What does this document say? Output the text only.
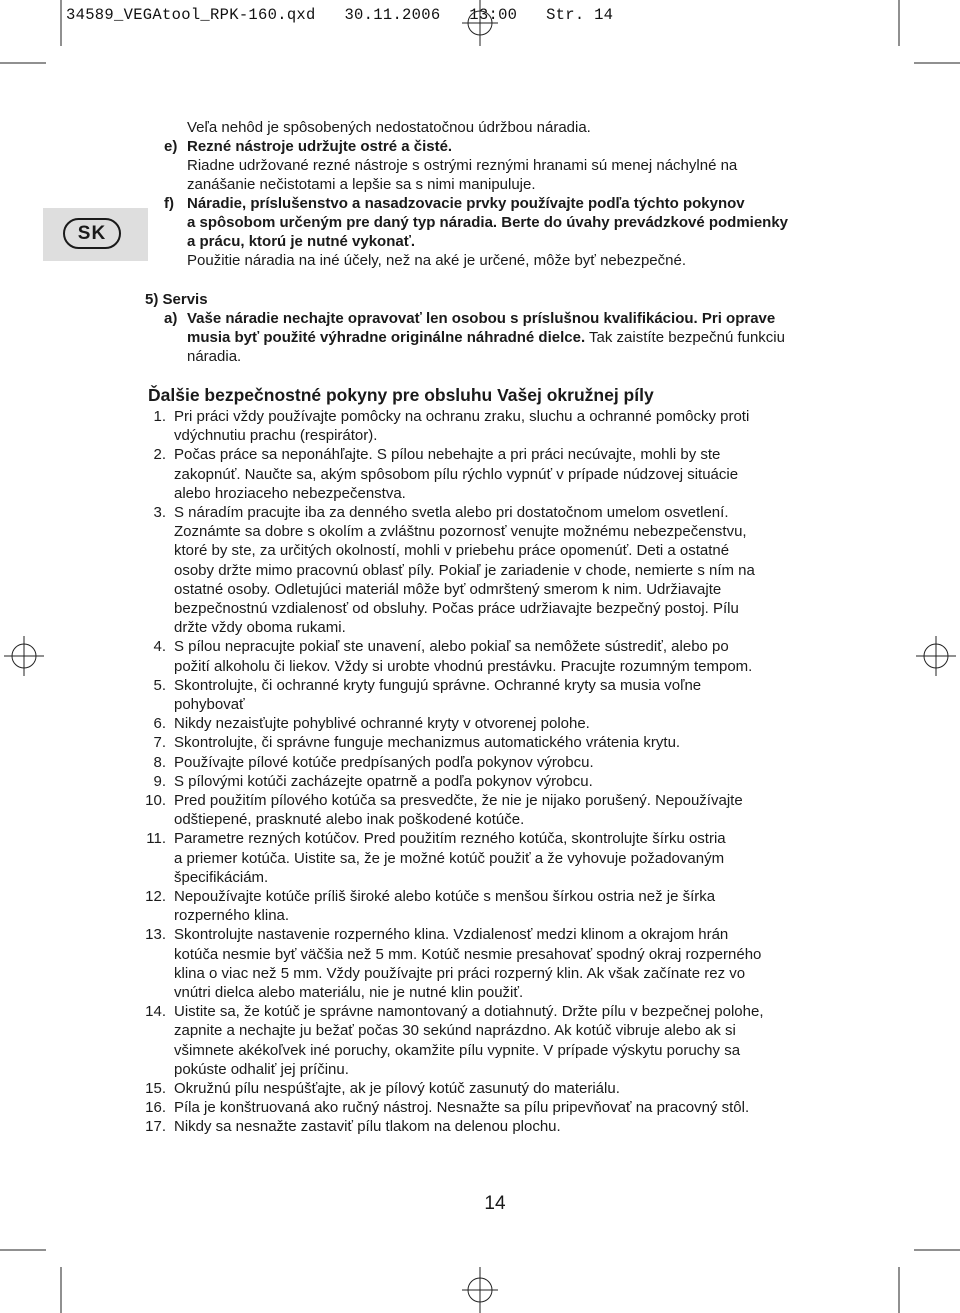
34589_VEGAtool_RPK-160.qxd   30.11.2006   13:00   Str. 14
SK
Veľa nehôd je spôsobených nedostatočnou údržbou náradia.
e) Rezné nástroje udržujte ostré a čisté.
Riadne udržované rezné nástroje s ostrými reznými hranami sú menej náchylné na
zanášanie nečistotami a lepšie sa s nimi manipuluje.
f) Náradie, príslušenstvo a nasadzovacie prvky používajte podľa týchto pokynov
a spôsobom určeným pre daný typ náradia. Berte do úvahy prevádzkové podmienky
a prácu, ktorú je nutné vykonať.
Použitie náradia na iné účely, než na aké je určené, môže byť nebezpečné.
5) Servis
a) Vaše náradie nechajte opravovať len osobou s príslušnou kvalifikáciou. Pri oprave
musia byť použité výhradne originálne náhradné dielce. Tak zaistíte bezpečnú funkciu
náradia.
Ďalšie bezpečnostné pokyny pre obsluhu Vašej okružnej píly
1. Pri práci vždy používajte pomôcky na ochranu zraku, sluchu a ochranné pomôcky proti
vdýchnutiu prachu (respirátor).
2. Počas práce sa neponáhľajte. S pílou nebehajte a pri práci necúvajte, mohli by ste
zakopnúť. Naučte sa, akým spôsobom pílu rýchlo vypnúť v prípade núdzovej situácie
alebo hroziaceho nebezpečenstva.
3. S náradím pracujte iba za denného svetla alebo pri dostatočnom umelom osvetlení.
Zoznámte sa dobre s okolím a zvláštnu pozornosť venujte možnému nebezpečenstvu,
ktoré by ste, za určitých okolností, mohli v priebehu práce opomenúť. Deti a ostatné
osoby držte mimo pracovnú oblasť píly. Pokiaľ je zariadenie v chode, nemierte s ním na
ostatné osoby. Odletujúci materiál môže byť odmrštený smerom k nim. Udržiavajte
bezpečnostnú vzdialenosť od obsluhy. Počas práce udržiavajte bezpečný postoj. Pílu
držte vždy oboma rukami.
4. S pílou nepracujte pokiaľ ste unavení, alebo pokiaľ sa nemôžete sústrediť, alebo po
požití alkoholu či liekov. Vždy si urobte vhodnú prestávku. Pracujte rozumným tempom.
5. Skontrolujte, či ochranné kryty fungujú správne. Ochranné kryty sa musia voľne
pohybovať
6. Nikdy nezaisťujte pohyblivé ochranné kryty v otvorenej polohe.
7. Skontrolujte, či správne funguje mechanizmus automatického vrátenia krytu.
8. Používajte pílové kotúče predpísaných podľa pokynov výrobcu.
9. S pílovými kotúči zacházejte opatrně a podľa pokynov výrobcu.
10. Pred použitím pílového kotúča sa presvedčte, že nie je nijako porušený. Nepoužívajte
odštiepené, prasknuté alebo inak poškodené kotúče.
11. Parametre rezných kotúčov. Pred použitím rezného kotúča, skontrolujte šírku ostria
a priemer kotúča. Uistite sa, že je možné kotúč použiť a že vyhovuje požadovaným
špecifikáciám.
12. Nepoužívajte kotúče príliš široké alebo kotúče s menšou šírkou ostria než je šírka
rozperného klina.
13. Skontrolujte nastavenie rozperného klina. Vzdialenosť medzi klinom a okrajom hrán
kotúča nesmie byť väčšia než 5 mm. Kotúč nesmie presahovať spodný okraj rozperného
klina o viac než 5 mm. Vždy používajte pri práci rozperný klin. Ak však začínate rez vo
vnútri dielca alebo materiálu, nie je nutné klin použiť.
14. Uistite sa, že kotúč je správne namontovaný a dotiahnutý. Držte pílu v bezpečnej polohe,
zapnite a nechajte ju bežať počas 30 sekúnd naprázdno. Ak kotúč vibruje alebo ak si
všimnete akékoľvek iné poruchy, okamžite pílu vypnite. V prípade výskytu poruchy sa
pokúste odhaliť jej príčinu.
15. Okružnú pílu nespúšťajte, ak je pílový kotúč zasunutý do materiálu.
16. Píla je konštruovaná ako ručný nástroj. Nesnažte sa pílu pripevňovať na pracovný stôl.
17. Nikdy sa nesnažte zastaviť pílu tlakom na delenou plochu.
14
